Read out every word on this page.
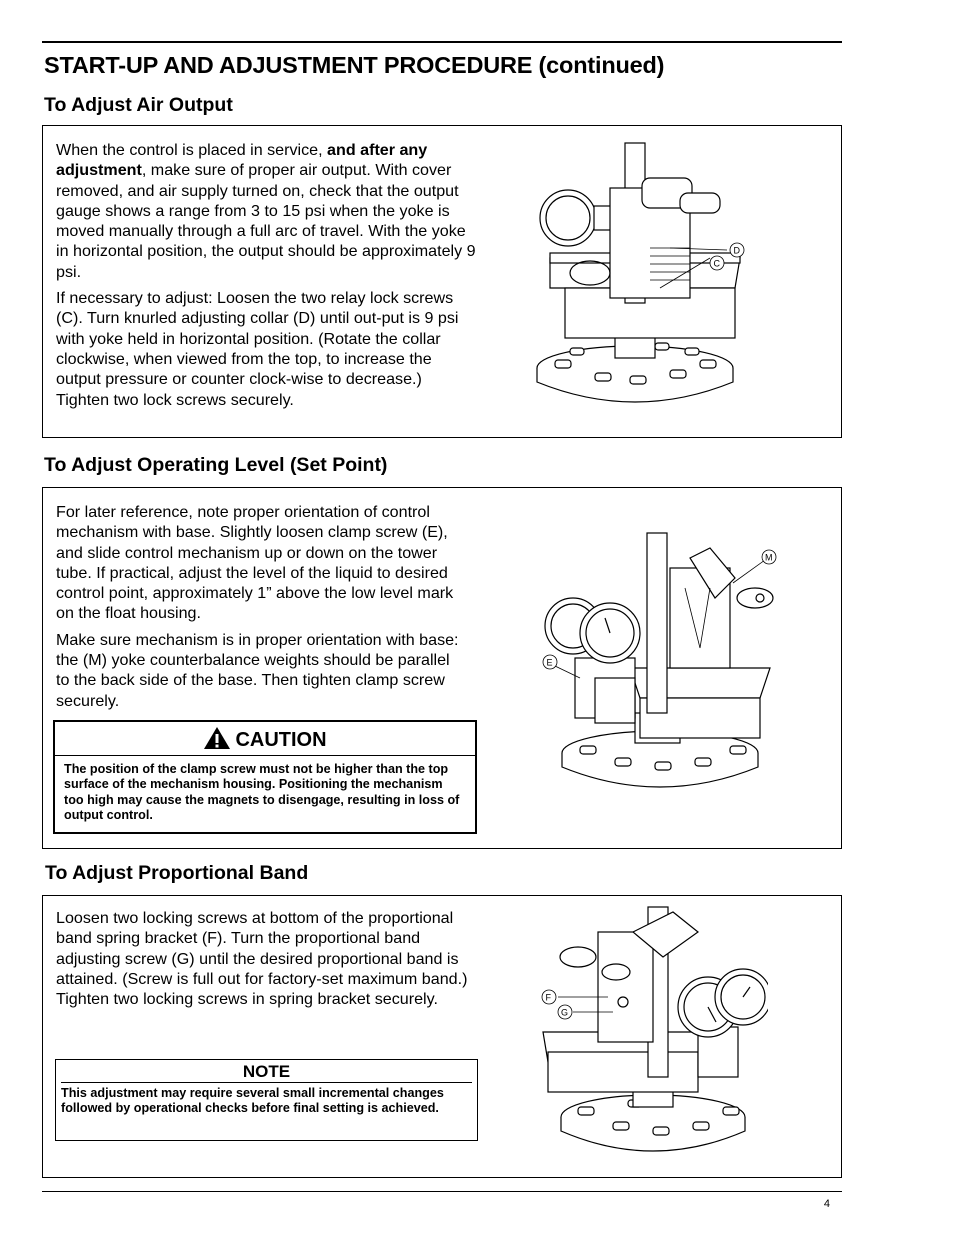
START-UP AND ADJUSTMENT PROCEDURE (continued)
To Adjust Air Output

When the control is placed in service, and after any adjustment, make sure of proper air output. With cover removed, and air supply turned on, check that the output gauge shows a range from 3 to 15 psi when the yoke is moved manually through a full arc of travel. With the yoke in horizontal position, the output should be approximately 9 psi.

If necessary to adjust: Loosen the two relay lock screws (C). Turn knurled adjusting collar (D) until out-put is 9 psi with yoke held in horizontal position. (Rotate the collar clockwise, when viewed from the top, to increase the output pressure or counter clock-wise to decrease.) Tighten two lock screws securely.

D
C
To Adjust Operating Level (Set Point)

For later reference, note proper orientation of control mechanism with base. Slightly loosen clamp screw (E), and slide control mechanism up or down on the tower tube. If practical, adjust the level of the liquid to desired control point, approximately 1” above the low level mark on the float housing.

Make sure mechanism is in proper orientation with base: the (M) yoke counterbalance weights should be parallel to the back side of the base. Then tighten clamp screw securely.

CAUTION
The position of the clamp screw must not be higher than the top surface of the mechanism housing. Positioning the mechanism too high may cause the magnets to disengage, resulting in loss of output control.
M
E
To Adjust Proportional Band

Loosen two locking screws at bottom of the proportional band spring bracket (F). Turn the proportional band adjusting screw (G) until the desired proportional band is attained. (Screw is full out for factory-set maximum band.) Tighten two locking screws in spring bracket securely.

NOTE
This adjustment may require several small incremental changes followed by operational checks before final setting is achieved.
F
G
4
